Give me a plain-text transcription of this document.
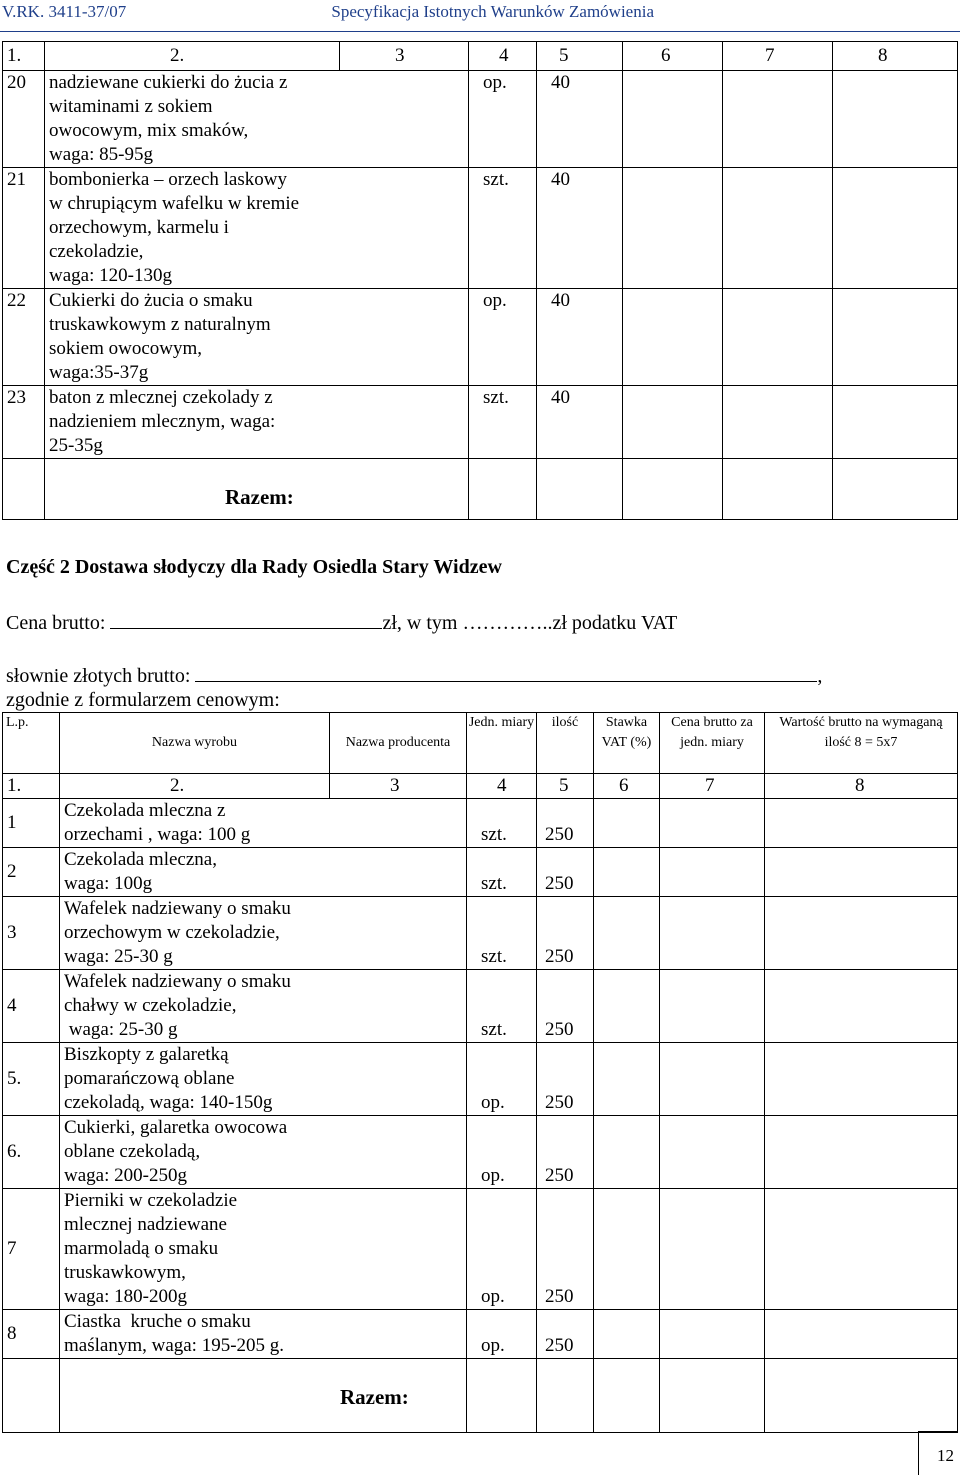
V.RK. 3411-37/07	Specyfikacja Istotnych Warunków Zamówienia
1.	2.	3	4	5	6	7	8
20	nadziewane cukierki do żucia z
witaminami z sokiem
owocowym, mix smaków,
waga: 85-95g		op.	40			
21	bombonierka – orzech laskowy
w chrupiącym wafelku w kremie
orzechowym, karmelu i
czekoladzie,
waga: 120-130g		szt.	40			
22	Cukierki do żucia o smaku
truskawkowym z naturalnym
sokiem owocowym,
waga:35-37g		op.	40			
23	baton z mlecznej czekolady z
nadzieniem mlecznym, waga:
25-35g		szt.	40			
	Razem:						
Część 2 Dostawa słodyczy dla Rady Osiedla Stary Widzew
Cena brutto:	zł, w tym …………..zł podatku VAT
słownie złotych brutto:	,
zgodnie z formularzem cenowym:
L.p.	Nazwa wyrobu	Nazwa producenta	Jedn. miary	ilość	Stawka VAT (%)	Cena brutto za jedn. miary	Wartość brutto na wymaganą ilość 8 = 5x7
1.	2.	3	4	5	6	7	8
1	Czekolada mleczna z
orzechami , waga: 100 g		szt.	250			
2	Czekolada mleczna,
waga: 100g		szt.	250			
3	Wafelek nadziewany o smaku
orzechowym w czekoladzie,
waga: 25-30 g		szt.	250			
4	Wafelek nadziewany o smaku
chałwy w czekoladzie,
waga: 25-30 g		szt.	250			
5.	Biszkopty z galaretką
pomarańczową oblane
czekoladą, waga: 140-150g		op.	250			
6.	Cukierki, galaretka owocowa
oblane czekoladą,
waga: 200-250g		op.	250			
7	Pierniki w czekoladzie
mlecznej nadziewane
marmoladą o smaku
truskawkowym,
waga: 180-200g		op.	250			
8	Ciastka  kruche o smaku
maślanym, waga: 195-205 g.		op.	250			
	Razem:						
12
